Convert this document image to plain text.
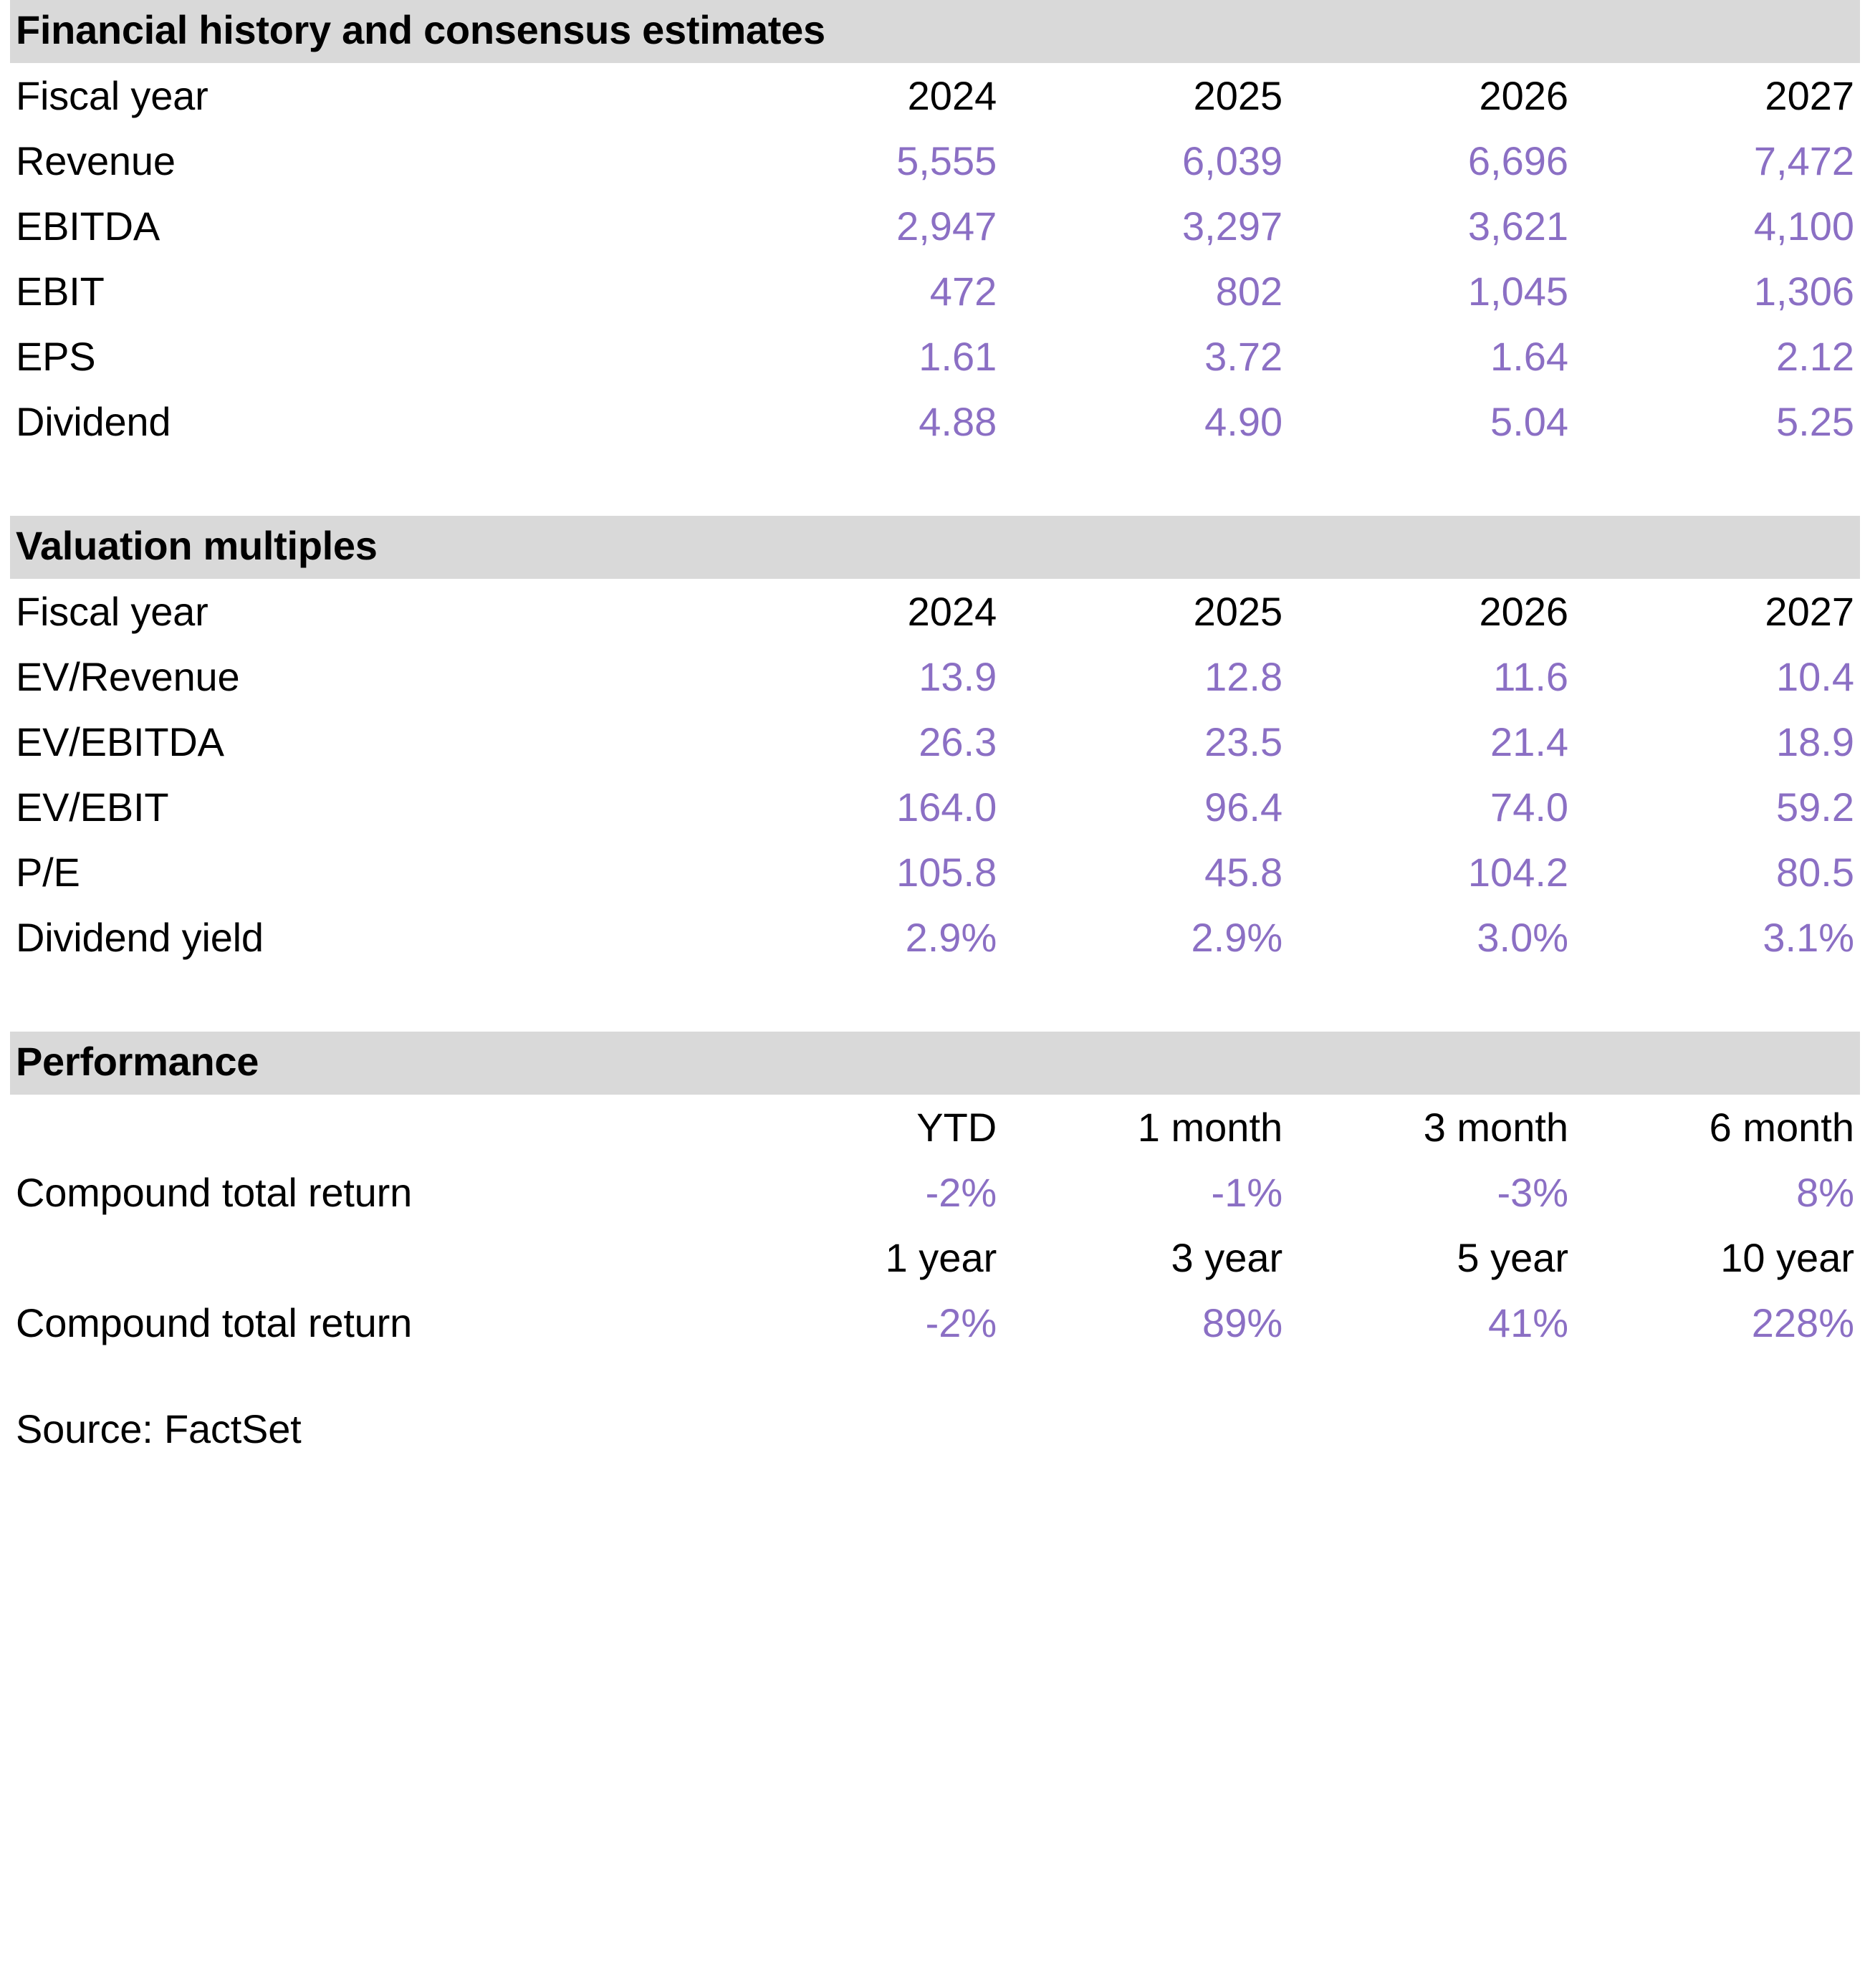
Financial history and consensus estimates				
Fiscal year	2024	2025	2026	2027
Revenue	5,555	6,039	6,696	7,472
EBITDA	2,947	3,297	3,621	4,100
EBIT	472	802	1,045	1,306
EPS	1.61	3.72	1.64	2.12
Dividend	4.88	4.90	5.04	5.25
Valuation multiples				
Fiscal year	2024	2025	2026	2027
EV/Revenue	13.9	12.8	11.6	10.4
EV/EBITDA	26.3	23.5	21.4	18.9
EV/EBIT	164.0	96.4	74.0	59.2
P/E	105.8	45.8	104.2	80.5
Dividend yield	2.9%	2.9%	3.0%	3.1%
Performance				
	YTD	1 month	3 month	6 month
Compound total return	-2%	-1%	-3%	8%
	1 year	3 year	5 year	10 year
Compound total return	-2%	89%	41%	228%
Source: FactSet
